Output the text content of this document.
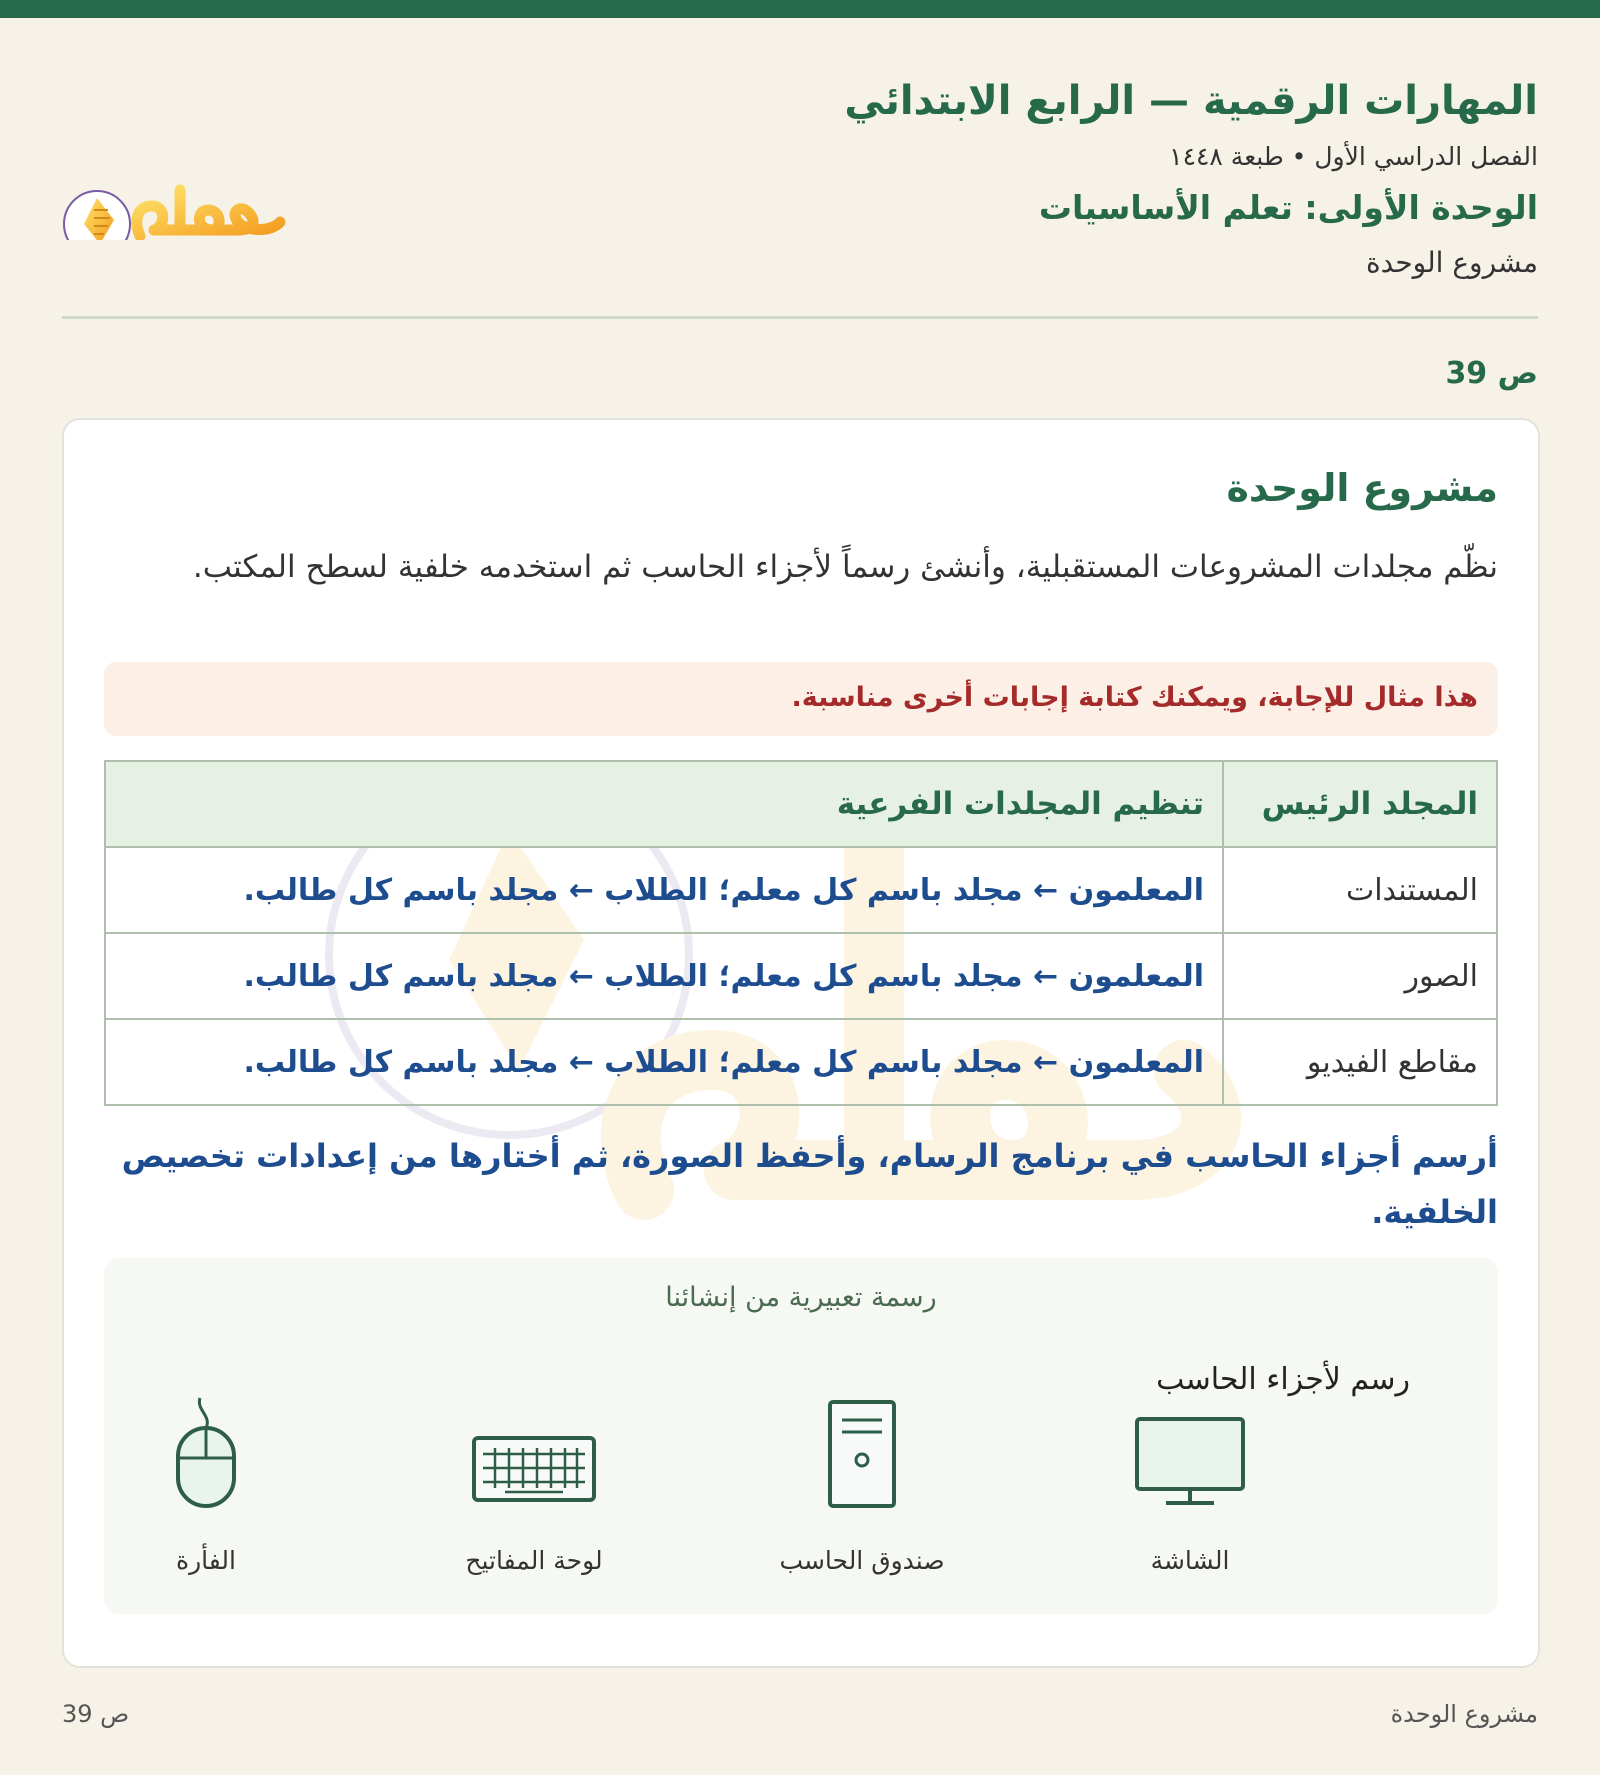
المهارات الرقمية — الرابع الابتدائي
الفصل الدراسي الأول • طبعة ١٤٤٨
الوحدة الأولى: تعلم الأساسيات
مشروع الوحدة
ص 39
مشروع الوحدة

نظّم مجلدات المشروعات المستقبلية، وأنشئ رسماً لأجزاء الحاسب ثم استخدمه خلفية لسطح المكتب.

هذا مثال للإجابة، ويمكنك كتابة إجابات أخرى مناسبة.
المجلد الرئيس	تنظيم المجلدات الفرعية
المستندات	المعلمون ← مجلد باسم كل معلم؛ الطلاب ← مجلد باسم كل طالب.
الصور	المعلمون ← مجلد باسم كل معلم؛ الطلاب ← مجلد باسم كل طالب.
مقاطع الفيديو	المعلمون ← مجلد باسم كل معلم؛ الطلاب ← مجلد باسم كل طالب.

أرسم أجزاء الحاسب في برنامج الرسام، وأحفظ الصورة، ثم أختارها من إعدادات تخصيص الخلفية.

رسمة تعبيرية من إنشائنا
رسم لأجزاء الحاسب
الشاشة
صندوق الحاسب
لوحة المفاتيح
الفأرة
مشروع الوحدة
ص 39
